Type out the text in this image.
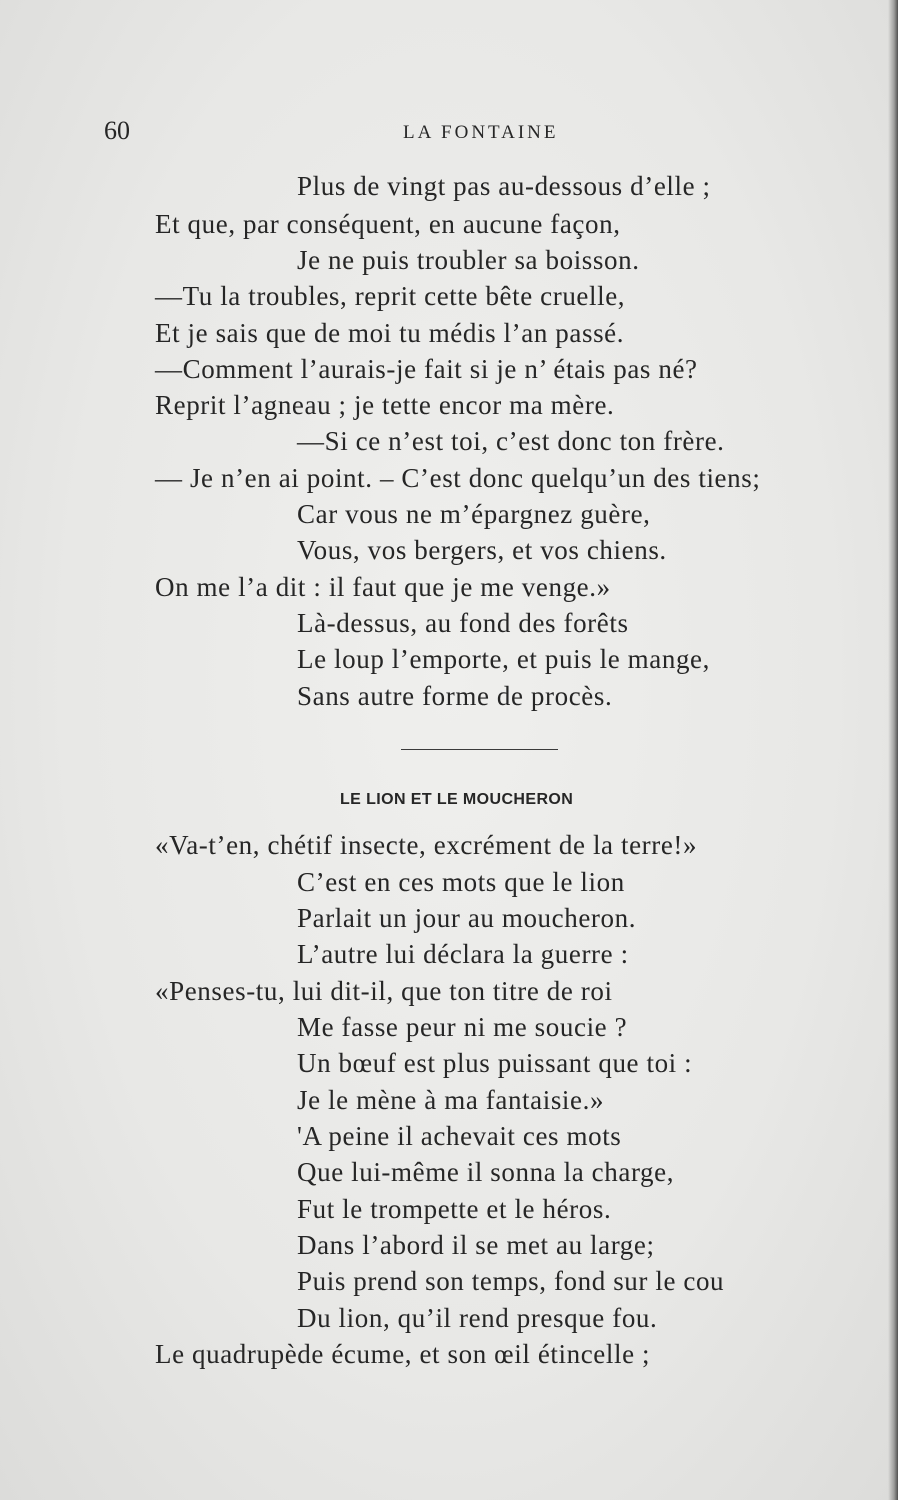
60	LA FONTAINE
Plus de vingt pas au-dessous d’elle ;
Et que, par conséquent, en aucune façon,
Je ne puis troubler sa boisson.
—Tu la troubles, reprit cette bête cruelle,
Et je sais que de moi tu médis l’an passé.
—Comment l’aurais-je fait si je n’ étais pas né?
Reprit l’agneau ; je tette encor ma mère.
—Si ce n’est toi, c’est donc ton frère.
— Je n’en ai point. – C’est donc quelqu’un des tiens;
Car vous ne m’épargnez guère,
Vous, vos bergers, et vos chiens.
On me l’a dit : il faut que je me venge.»
Là-dessus, au fond des forêts
Le loup l’emporte, et puis le mange,
Sans autre forme de procès.
LE LION ET LE MOUCHERON
«Va-t’en, chétif insecte, excrément de la terre!»
C’est en ces mots que le lion
Parlait un jour au moucheron.
L’autre lui déclara la guerre :
«Penses-tu, lui dit-il, que ton titre de roi
Me fasse peur ni me soucie ?
Un bœuf est plus puissant que toi :
Je le mène à ma fantaisie.»
'A peine il achevait ces mots
Que lui-même il sonna la charge,
Fut le trompette et le héros.
Dans l’abord il se met au large;
Puis prend son temps, fond sur le cou
Du lion, qu’il rend presque fou.
Le quadrupède écume, et son œil étincelle ;
